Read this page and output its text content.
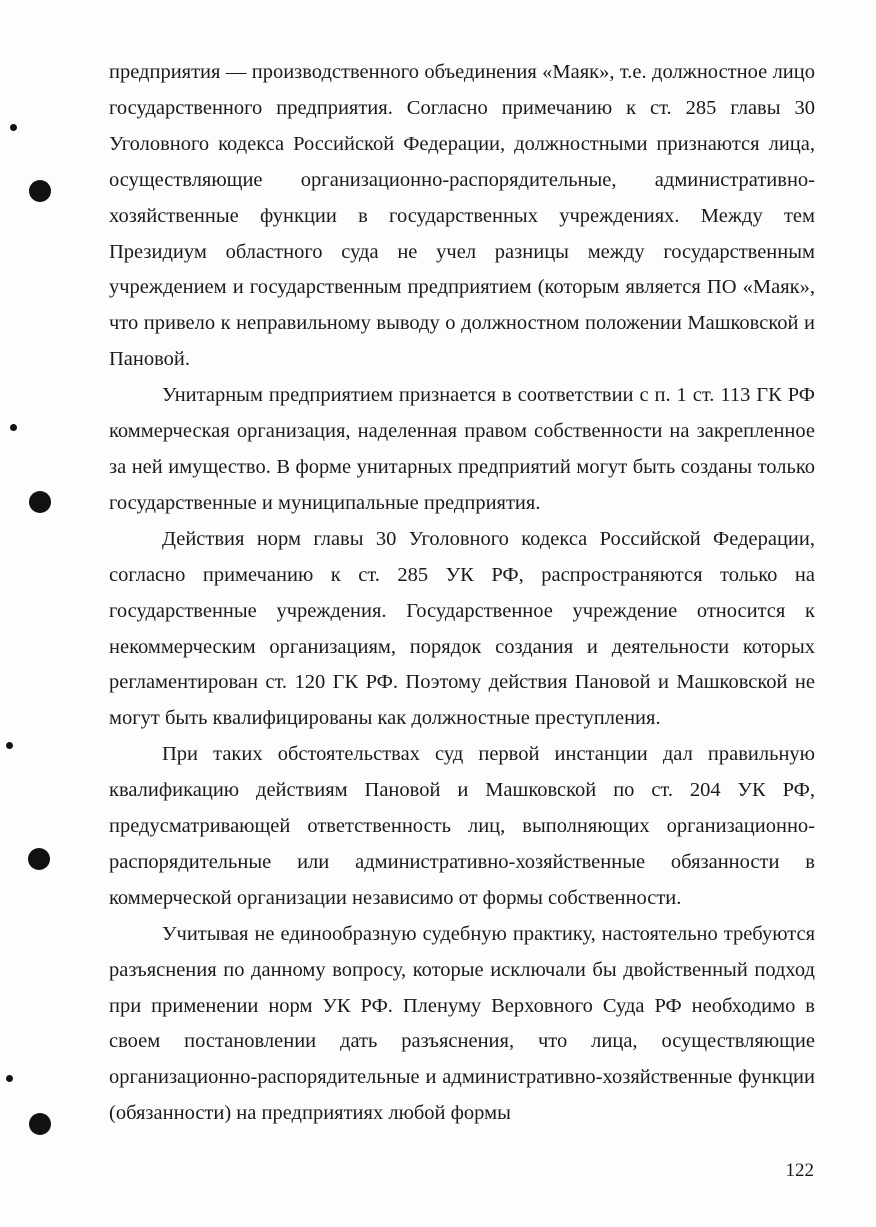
предприятия — производственного объединения «Маяк», т.е. должностное лицо государственного предприятия. Согласно примечанию к ст. 285 главы 30 Уголовного кодекса Российской Федерации, должностными признаются лица, осуществляющие организационно-распорядительные, административно-хозяйственные функции в государственных учреждениях. Между тем Президиум областного суда не учел разницы между государственным учреждением и государственным предприятием (которым является ПО «Маяк», что привело к неправильному выводу о должностном положении Машковской и Пановой.

Унитарным предприятием признается в соответствии с п. 1 ст. 113 ГК РФ коммерческая организация, наделенная правом собственности на закрепленное за ней имущество. В форме унитарных предприятий могут быть созданы только государственные и муниципальные предприятия.

Действия норм главы 30 Уголовного кодекса Российской Федерации, согласно примечанию к ст. 285 УК РФ, распространяются только на государственные учреждения. Государственное учреждение относится к некоммерческим организациям, порядок создания и деятельности которых регламентирован ст. 120 ГК РФ. Поэтому действия Пановой и Машковской не могут быть квалифицированы как должностные преступления.

При таких обстоятельствах суд первой инстанции дал правильную квалификацию действиям Пановой и Машковской по ст. 204 УК РФ, предусматривающей ответственность лиц, выполняющих организационно-распорядительные или административно-хозяйственные обязанности в коммерческой организации независимо от формы собственности.

Учитывая не единообразную судебную практику, настоятельно требуются разъяснения по данному вопросу, которые исключали бы двойственный подход при применении норм УК РФ. Пленуму Верховного Суда РФ необходимо в своем постановлении дать разъяснения, что лица, осуществляющие организационно-распорядительные и административно-хозяйственные функции (обязанности) на предприятиях любой формы

122
